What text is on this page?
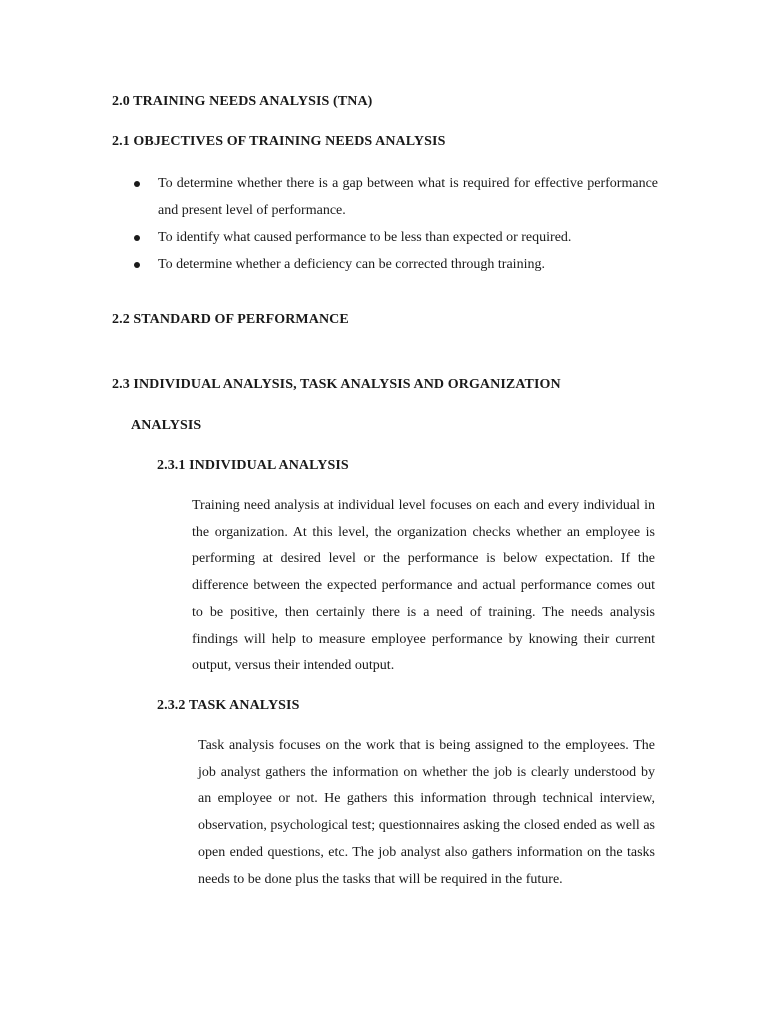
2.0 TRAINING NEEDS ANALYSIS (TNA)
2.1 OBJECTIVES OF TRAINING NEEDS ANALYSIS
To determine whether there is a gap between what is required for effective performance and present level of performance.
To identify what caused performance to be less than expected or required.
To determine whether a deficiency can be corrected through training.
2.2 STANDARD OF PERFORMANCE
2.3 INDIVIDUAL ANALYSIS, TASK ANALYSIS AND ORGANIZATION
ANALYSIS
2.3.1 INDIVIDUAL ANALYSIS

Training need analysis at individual level focuses on each and every individual in the organization. At this level, the organization checks whether an employee is performing at desired level or the performance is below expectation. If the difference between the expected performance and actual performance comes out to be positive, then certainly there is a need of training. The needs analysis findings will help to measure employee performance by knowing their current output, versus their intended output.

2.3.2 TASK ANALYSIS

Task analysis focuses on the work that is being assigned to the employees. The job analyst gathers the information on whether the job is clearly understood by an employee or not. He gathers this information through technical interview, observation, psychological test; questionnaires asking the closed ended as well as open ended questions, etc. The job analyst also gathers information on the tasks needs to be done plus the tasks that will be required in the future.
